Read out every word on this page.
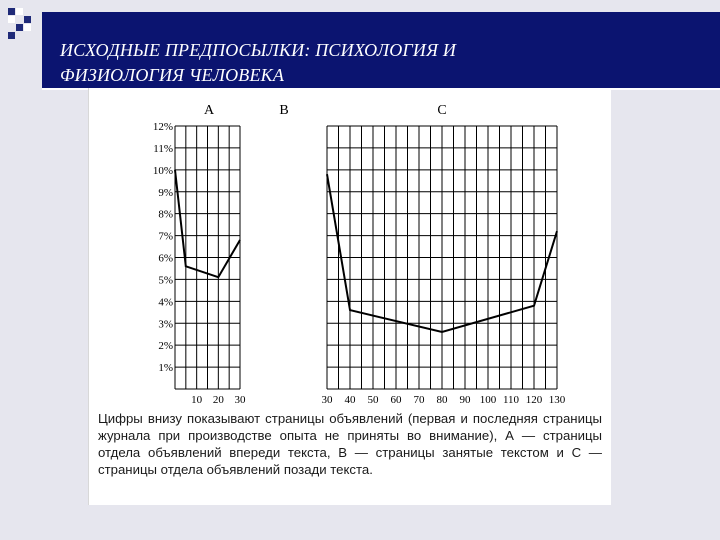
ИСХОДНЫЕ ПРЕДПОСЫЛКИ: ПСИХОЛОГИЯ И
ФИЗИОЛОГИЯ ЧЕЛОВЕКА
10 20 30	30 40 50 60 70 80 90 100 110 120 130
1%
2%
3%
4%
5%
6%
7%
8%
9%
10%
11%
12%
A	B	C
Цифры внизу показывают страницы объявлений (первая и последняя страницы журнала при производстве опыта не приняты во внимание), А — страницы отдела объявлений впереди текста, В — страницы занятые текстом и С — страницы отдела объявлений позади текста.
